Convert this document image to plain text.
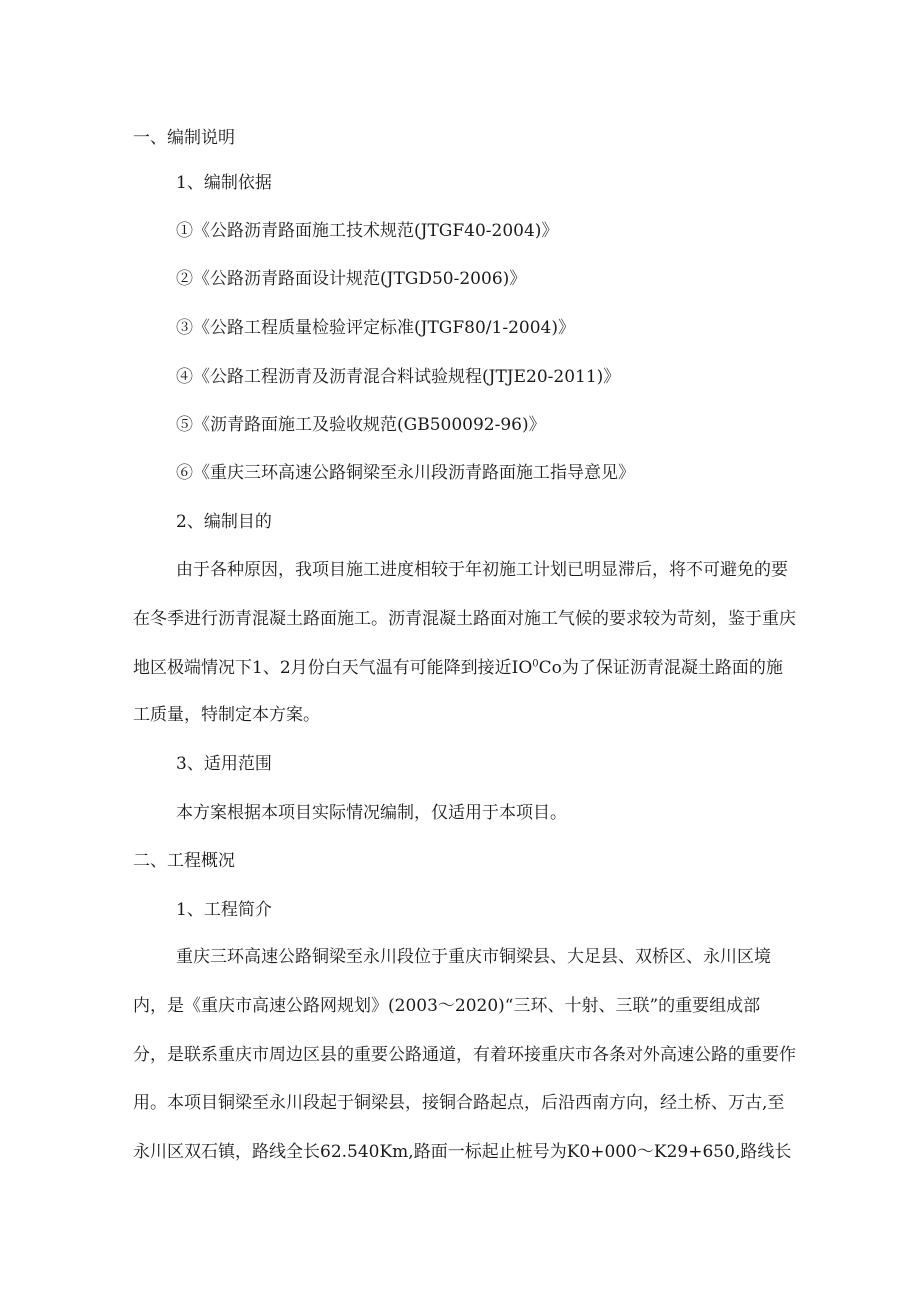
一、编制说明
1、编制依据
①《公路沥青路面施工技术规范(JTGF40-2004)》
②《公路沥青路面设计规范(JTGD50-2006)》
③《公路工程质量检验评定标准(JTGF80/1-2004)》
④《公路工程沥青及沥青混合料试验规程(JTJE20-2011)》
⑤《沥青路面施工及验收规范(GB500092-96)》
⑥《重庆三环高速公路铜梁至永川段沥青路面施工指导意见》
2、编制目的
由于各种原因，我项目施工进度相较于年初施工计划已明显滞后，将不可避免的要
在冬季进行沥青混凝土路面施工。沥青混凝土路面对施工气候的要求较为苛刻，鉴于重庆
地区极端情况下1、2月份白天气温有可能降到接近$IO^0Co$为了保证沥青混凝土路面的施
工质量，特制定本方案。
3、适用范围
本方案根据本项目实际情况编制，仅适用于本项目。
二、工程概况
1、工程简介
重庆三环高速公路铜梁至永川段位于重庆市铜梁县、大足县、双桥区、永川区境
内，是《重庆市高速公路网规划》(2003～2020)“三环、十射、三联”的重要组成部
分，是联系重庆市周边区县的重要公路通道，有着环接重庆市各条对外高速公路的重要作
用。本项目铜梁至永川段起于铜梁县，接铜合路起点，后沿西南方向，经土桥、万古,至
永川区双石镇，路线全长62.540Km,路面一标起止桩号为K0+000～K29+650,路线长
